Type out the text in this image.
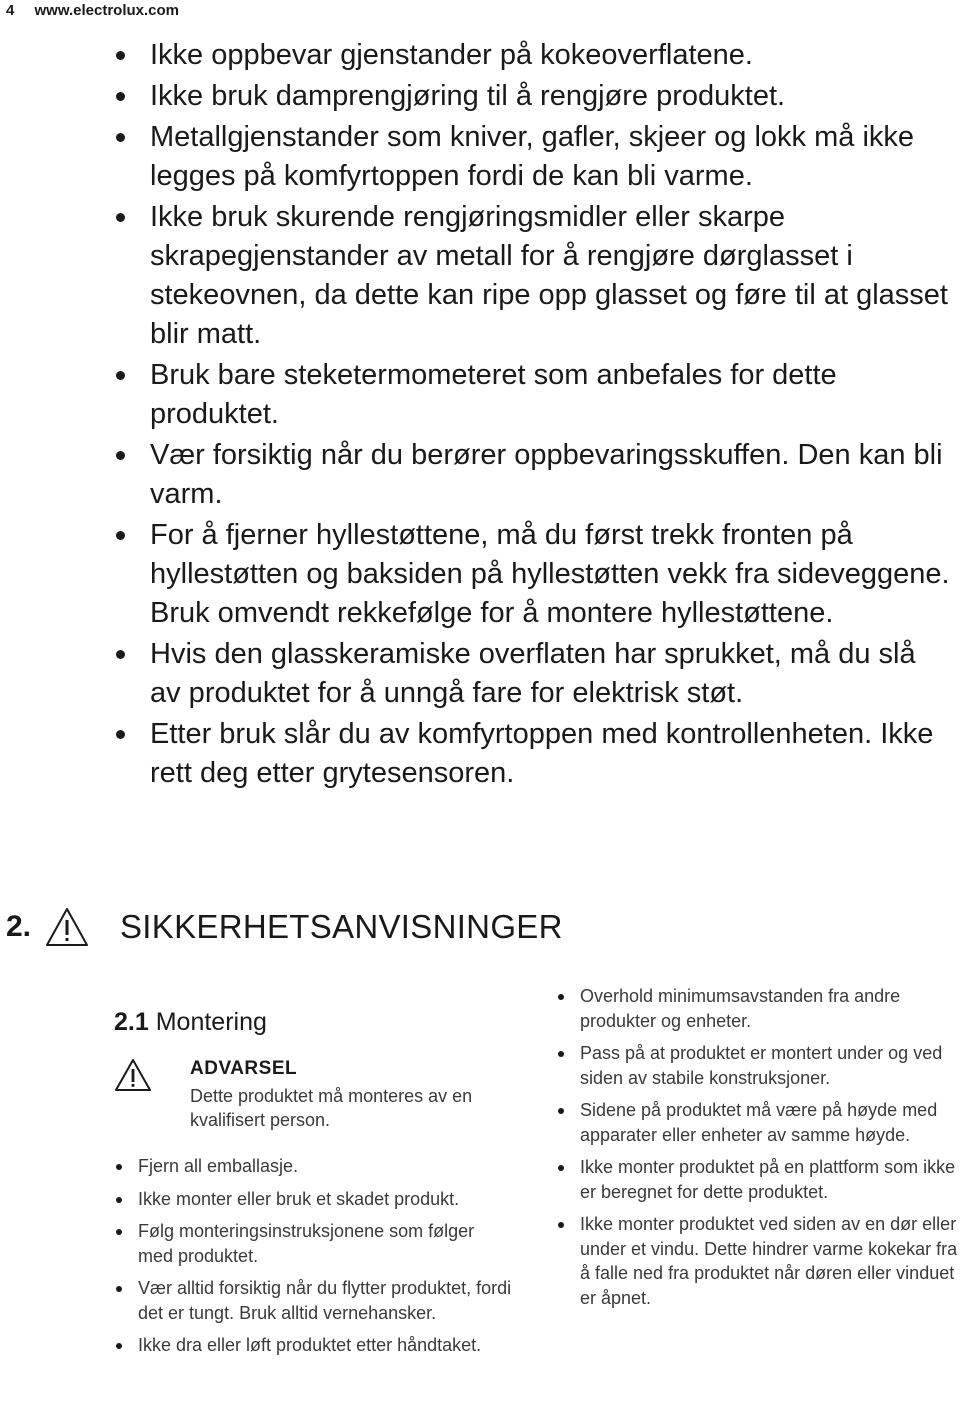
4 www.electrolux.com
Ikke oppbevar gjenstander på kokeoverflatene.
Ikke bruk damprengjøring til å rengjøre produktet.
Metallgjenstander som kniver, gafler, skjeer og lokk må ikke legges på komfyrtoppen fordi de kan bli varme.
Ikke bruk skurende rengjøringsmidler eller skarpe skrapegjenstander av metall for å rengjøre dørglasset i stekeovnen, da dette kan ripe opp glasset og føre til at glasset blir matt.
Bruk bare steketermometeret som anbefales for dette produktet.
Vær forsiktig når du berører oppbevaringsskuffen. Den kan bli varm.
For å fjerner hyllestøttene, må du først trekk fronten på hyllestøtten og baksiden på hyllestøtten vekk fra sideveggene. Bruk omvendt rekkefølge for å montere hyllestøttene.
Hvis den glasskeramiske overflaten har sprukket, må du slå av produktet for å unngå fare for elektrisk støt.
Etter bruk slår du av komfyrtoppen med kontrollenheten. Ikke rett deg etter grytesensoren.
2.	SIKKERHETSANVISNINGER
2.1 Montering
ADVARSEL
Dette produktet må monteres av en kvalifisert person.
Fjern all emballasje.
Ikke monter eller bruk et skadet produkt.
Følg monteringsinstruksjonene som følger med produktet.
Vær alltid forsiktig når du flytter produktet, fordi det er tungt. Bruk alltid vernehansker.
Ikke dra eller løft produktet etter håndtaket.
Overhold minimumsavstanden fra andre produkter og enheter.
Pass på at produktet er montert under og ved siden av stabile konstruksjoner.
Sidene på produktet må være på høyde med apparater eller enheter av samme høyde.
Ikke monter produktet på en plattform som ikke er beregnet for dette produktet.
Ikke monter produktet ved siden av en dør eller under et vindu. Dette hindrer varme kokekar fra å falle ned fra produktet når døren eller vinduet er åpnet.
